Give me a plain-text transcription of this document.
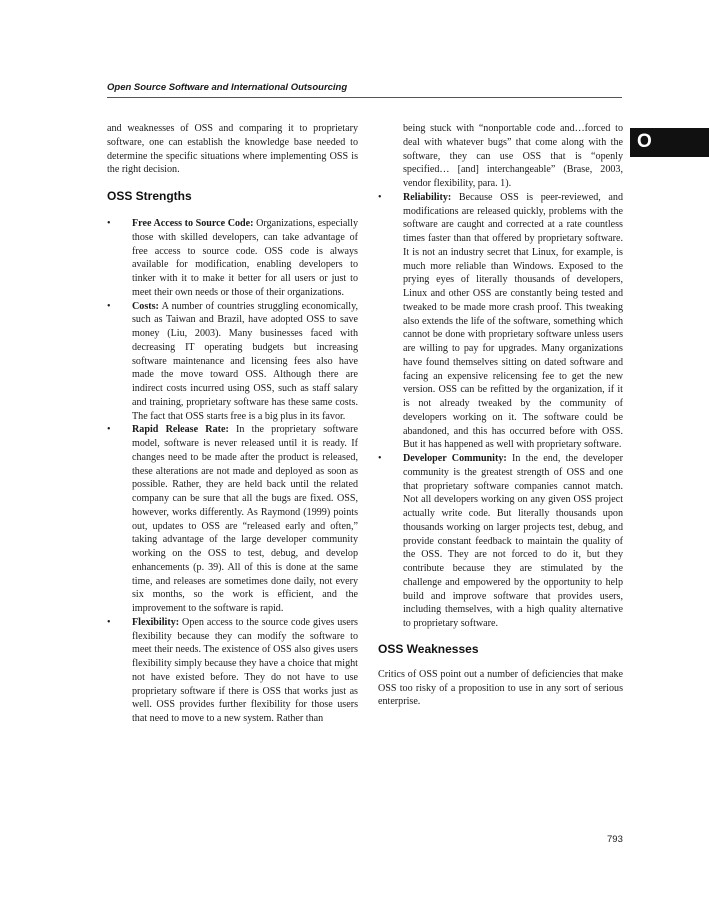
Open Source Software and International Outsourcing
O

and weaknesses of OSS and comparing it to proprietary software, one can establish the knowledge base needed to determine the specific situations where implementing OSS is the right decision.

OSS Strengths
• Free Access to Source Code: Organizations, especially those with skilled developers, can take advantage of free access to source code. OSS code is always available for modification, enabling developers to tinker with it to make it better for all users or just to meet their own needs or those of their organizations.
• Costs: A number of countries struggling economically, such as Taiwan and Brazil, have adopted OSS to save money (Liu, 2003). Many businesses faced with decreasing IT operating budgets but increasing software maintenance and licensing fees also have made the move toward OSS. Although there are indirect costs incurred using OSS, such as staff salary and training, proprietary software has these same costs. The fact that OSS starts free is a big plus in its favor.
• Rapid Release Rate: In the proprietary software model, software is never released until it is ready. If changes need to be made after the product is released, these alterations are not made and deployed as soon as possible. Rather, they are held back until the related company can be sure that all the bugs are fixed. OSS, however, works differently. As Raymond (1999) points out, updates to OSS are “released early and often,” taking advantage of the large developer community working on the OSS to test, debug, and develop enhancements (p. 39). All of this is done at the same time, and releases are sometimes done daily, not every six months, so the work is efficient, and the improvement to the software is rapid.
• Flexibility: Open access to the source code gives users flexibility because they can modify the software to meet their needs. The existence of OSS also gives users flexibility simply because they have a choice that might not have existed before. They do not have to use proprietary software if there is OSS that works just as well. OSS provides further flexibility for those users that need to move to a new system. Rather than

being stuck with “nonportable code and…forced to deal with whatever bugs” that come along with the software, they can use OSS that is “openly specified… [and] interchangeable” (Brase, 2003, vendor flexibility, para. 1).

• Reliability: Because OSS is peer-reviewed, and modifications are released quickly, problems with the software are caught and corrected at a rate countless times faster than that offered by proprietary software. It is not an industry secret that Linux, for example, is much more reliable than Windows. Exposed to the prying eyes of literally thousands of developers, Linux and other OSS are constantly being tested and tweaked to be made more crash proof. This tweaking also extends the life of the software, something which cannot be done with proprietary software unless users are willing to pay for upgrades. Many organizations have found themselves sitting on dated software and facing an expensive relicensing fee to get the new version. OSS can be refitted by the organization, if it is not already tweaked by the community of developers working on it. The software could be abandoned, and this has occurred before with OSS. But it has happened as well with proprietary software.
• Developer Community: In the end, the developer community is the greatest strength of OSS and one that proprietary software companies cannot match. Not all developers working on any given OSS project actually write code. But literally thousands upon thousands working on larger projects test, debug, and provide constant feedback to maintain the quality of the OSS. They are not forced to do it, but they contribute because they are stimulated by the challenge and empowered by the opportunity to help build and improve software that provides users, including themselves, with a high quality alternative to proprietary software.
OSS Weaknesses

Critics of OSS point out a number of deficiencies that make OSS too risky of a proposition to use in any sort of serious enterprise.

793
